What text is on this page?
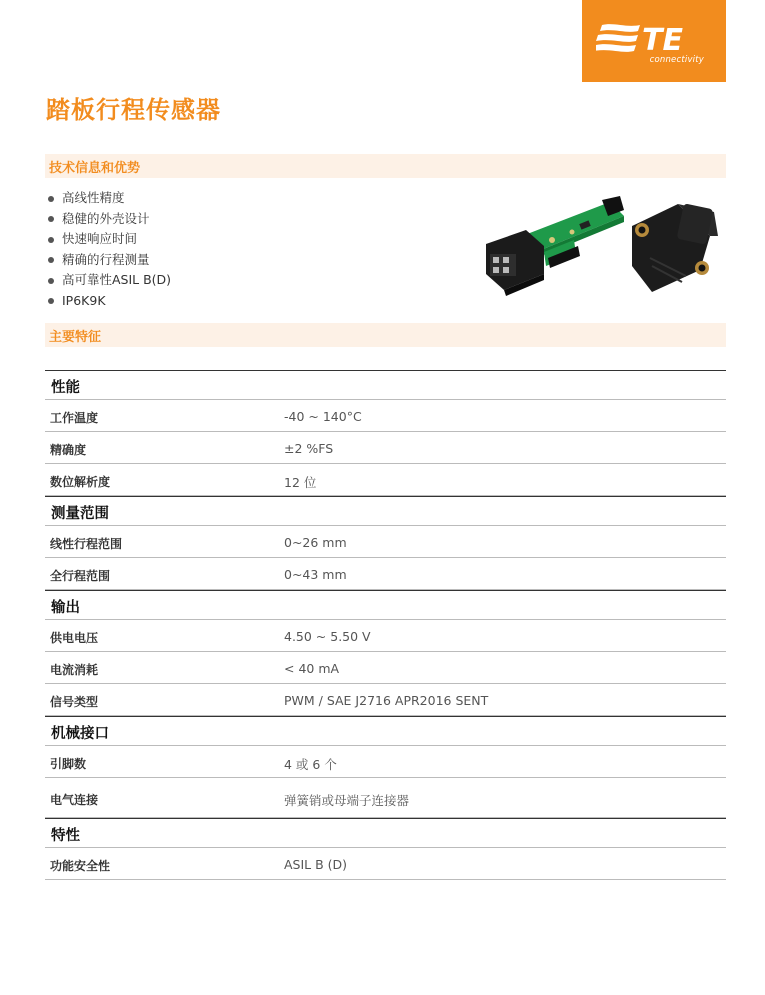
TE
connectivity
踏板行程传感器
技术信息和优势
高线性精度
稳健的外壳设计
快速响应时间
精确的行程测量
高可靠性ASIL B(D)
IP6K9K
主要特征
性能
工作温度	-40 ~ 140°C
精确度	±2 %FS
数位解析度	12 位
测量范围
线性行程范围	0~26 mm
全行程范围	0~43 mm
输出
供电电压	4.50 ~ 5.50 V
电流消耗	< 40 mA
信号类型	PWM / SAE J2716 APR2016 SENT
机械接口
引脚数	4 或 6 个
电气连接	弹簧销或母端子连接器
特性
功能安全性	ASIL B (D)
